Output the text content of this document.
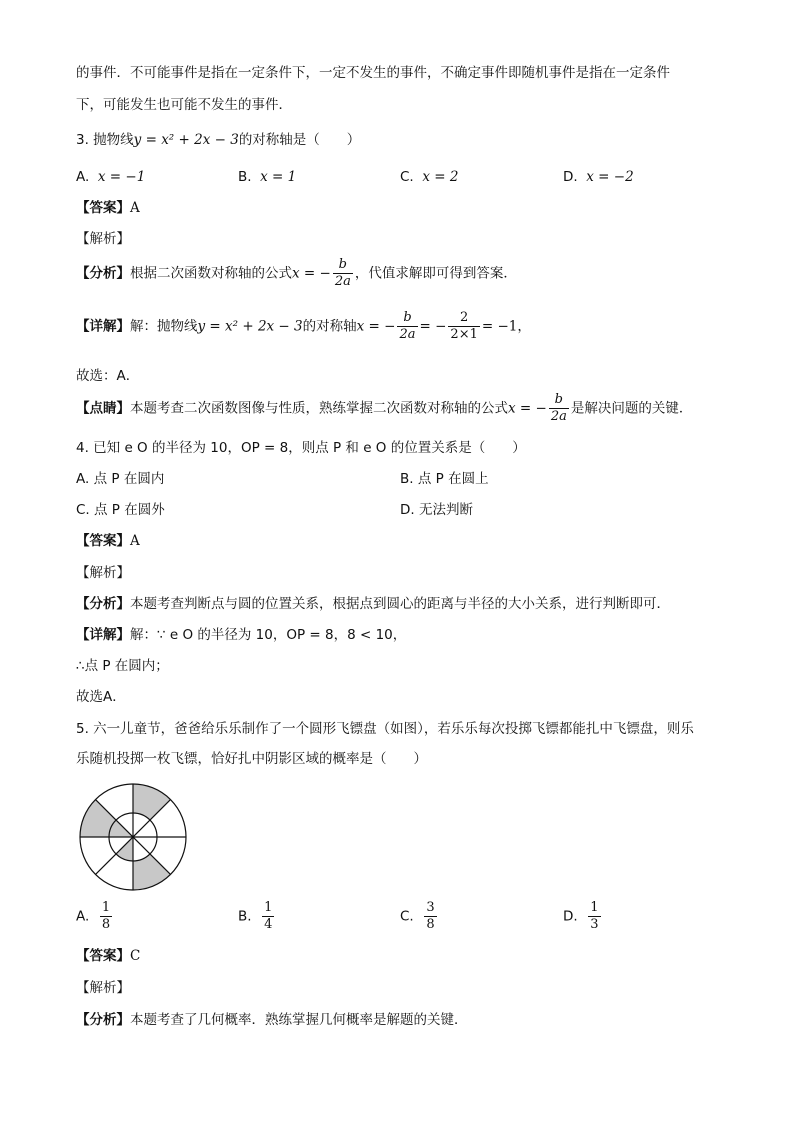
的事件．不可能事件是指在一定条件下，一定不发生的事件，不确定事件即随机事件是指在一定条件
下，可能发生也可能不发生的事件．
3. 抛物线y = x² + 2x − 3的对称轴是（　　）
A. x = −1	B. x = 1	C. x = 2	D. x = −2
【答案】A
【解析】
【分析】根据二次函数对称轴的公式x = − $\frac{b}{2a}$ ，代值求解即可得到答案．
【详解】解：抛物线y = x² + 2x − 3的对称轴x = − $\frac{b}{2a}$ = − $\frac{2}{2\times 1} = -1$，
故选：A．
【点睛】本题考查二次函数图像与性质，熟练掌握二次函数对称轴的公式x = − $\frac{b}{2a}$ 是解决问题的关键．
4. 已知 e O 的半径为 10，OP = 8，则点 P 和 e O 的位置关系是（　　）
A. 点 P 在圆内	B. 点 P 在圆上
C. 点 P 在圆外	D. 无法判断
【答案】A
【解析】
【分析】本题考查判断点与圆的位置关系，根据点到圆心的距离与半径的大小关系，进行判断即可．
【详解】解：∵ e O 的半径为 10，OP = 8，8 < 10，
∴点 P 在圆内；
故选A．
5. 六一儿童节，爸爸给乐乐制作了一个圆形飞镖盘（如图），若乐乐每次投掷飞镖都能扎中飞镖盘，则乐
乐随机投掷一枚飞镖，恰好扎中阴影区域的概率是（　　）
A. $\frac{1}{8}$	B. $\frac{1}{4}$	C. $\frac{3}{8}$	D. $\frac{1}{3}$
【答案】C
【解析】
【分析】本题考查了几何概率．熟练掌握几何概率是解题的关键．
